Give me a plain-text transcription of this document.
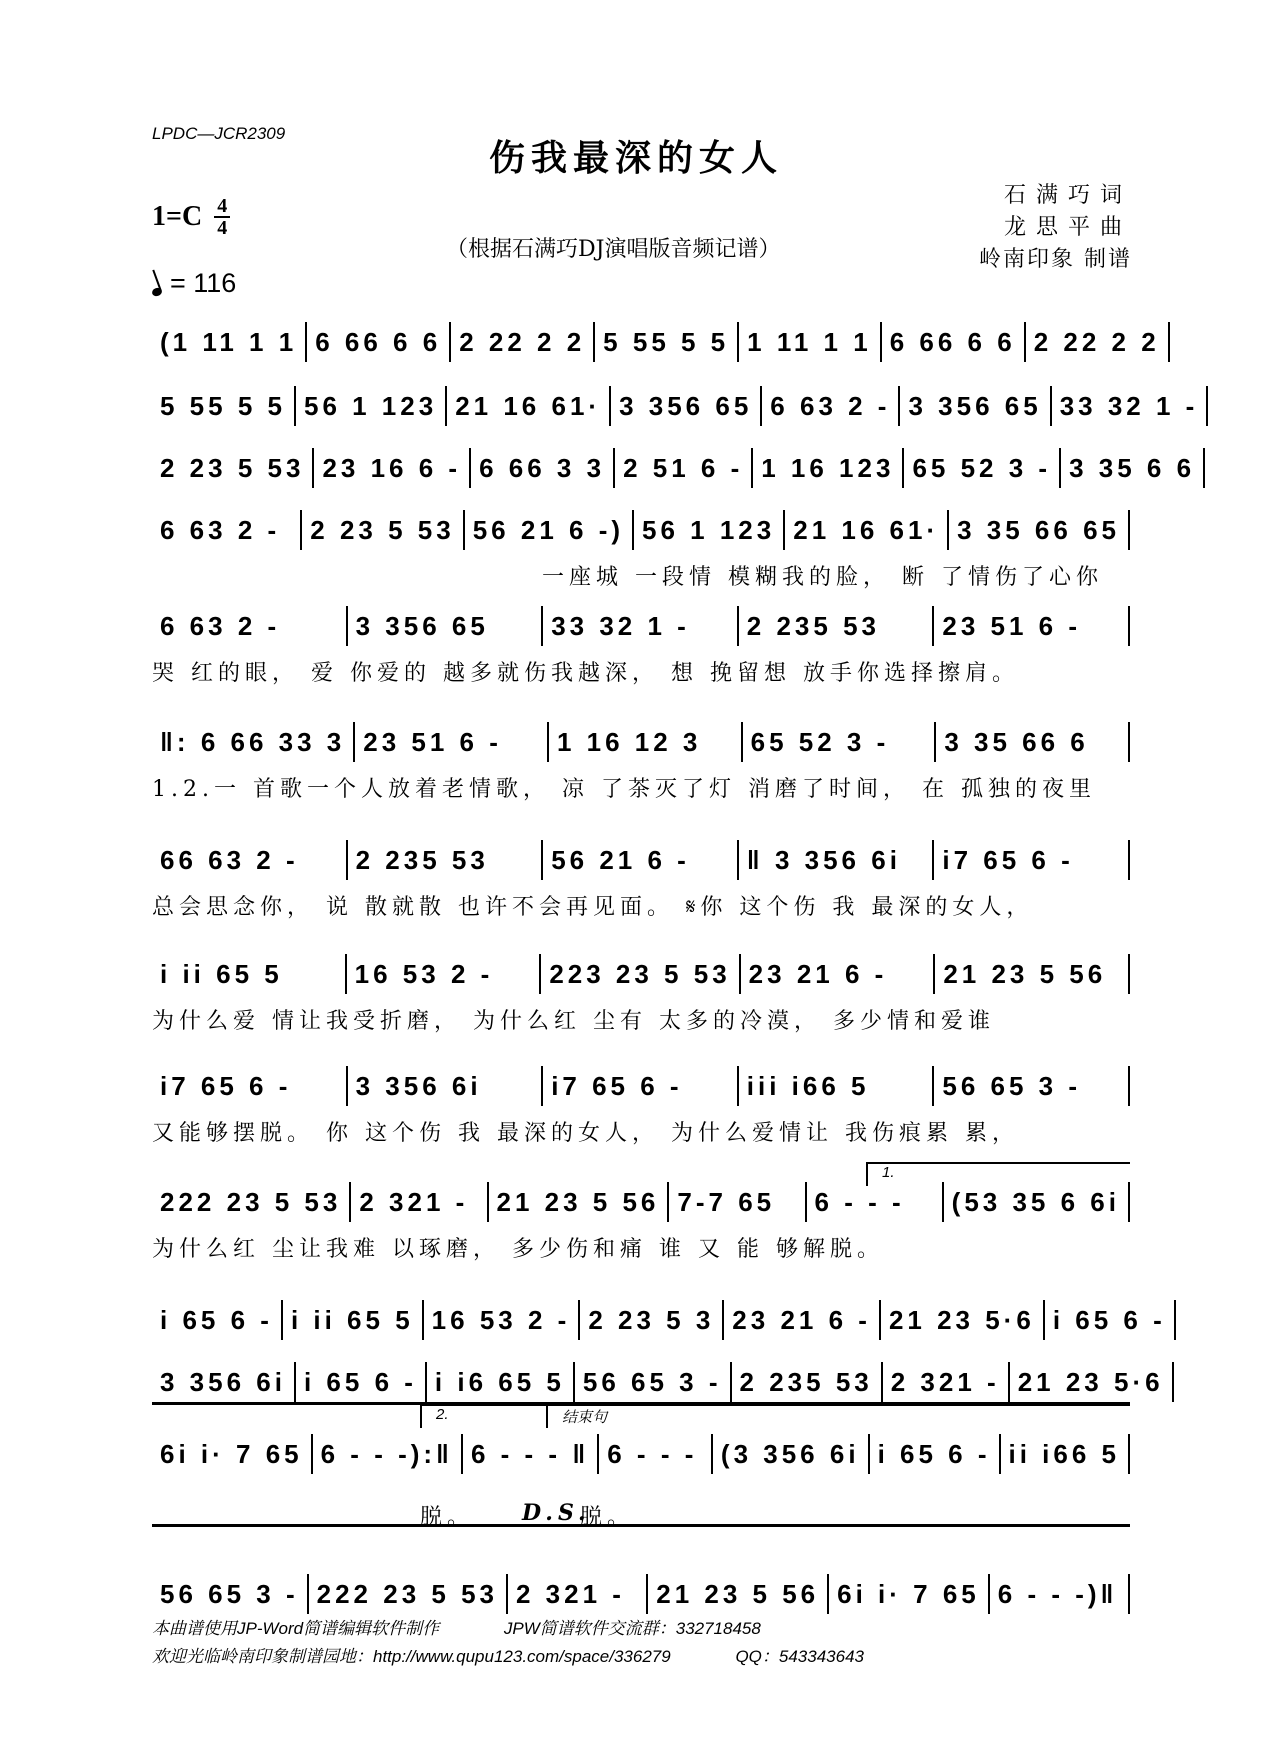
LPDC—JCR2309
伤我最深的女人
$1=C \frac{4}{4}$
（根据石满巧DJ演唱版音频记谱）
石满巧词
龙思平曲
岭南印象 制谱
= 116
(1 11 1 1 6 66 6 6 2 22 2 2 5 55 5 5 1 11 1 1 6 66 6 6 2 22 2 2
5 55 5 5 56 1 123 21 16 61· 3 356 65 6 63 2 - 3 356 65 33 32 1 -
2 23 5 53 23 16 6 - 6 66 3 3 2 51 6 - 1 16 123 65 52 3 - 3 35 6 6
6 63 2 - 2 23 5 53 56 21 6 -) 56 1 123 21 16 61· 3 35 66 65
一座城 一段情 模糊我的脸， 断 了情伤了心你
6 63 2 -	3 356 65 33 32 1 - 2 235 53 23 51 6 -
哭 红的眼， 爱 你爱的 越多就伤我越深， 想 挽留想 放手你选择擦肩。
‖: 6 66 33 3 23 51 6 - 1 16 12 3 65 52 3 - 3 35 66 6
1.2.一 首歌一个人放着老情歌， 凉 了茶灭了灯 消磨了时间， 在 孤独的夜里
66 63 2 - 2 235 53 56 21 6 - ‖ 3 356 6i i7 65 6 -
总会思念你， 说 散就散 也许不会再见面。 𝄋你 这个伤 我 最深的女人，
i ii 65 5	16 53 2 - 223 23 5 53 23 21 6 - 21 23 5 56
为什么爱 情让我受折磨， 为什么红 尘有 太多的冷漠， 多少情和爱谁
i7 65 6 - 3 356 6i	i7 65 6 - iii i66 5	56 65 3 -
又能够摆脱。 你 这个伤 我 最深的女人， 为什么爱情让 我伤痕累 累，
222 23 5 53 2 321 - 21 23 5 56 7-7 65 6 - - - (53 35 6 6i
为什么红 尘让我难 以琢磨， 多少伤和痛 谁 又 能 够解脱。
i 65 6 - i ii 65 5 16 53 2 - 2 23 5 3 23 21 6 - 21 23 5·6 i 65 6 -
3 356 6i i 65 6 - i i6 65 5 56 65 3 - 2 235 53 2 321 - 21 23 5·6
6i i· 7 65 6 - - -):‖ 6 - - - ‖ 6 - - - (3 356 6i i 65 6 - ii i66 5
56 65 3 - 222 23 5 53 2 321 - 21 23 5 56 6i i· 7 65 6 - - -)‖
1.
2.	结束句
脱。 D.S.
脱。
本曲谱使用JP-Word简谱编辑软件制作	JPW简谱软件交流群：332718458
欢迎光临岭南印象制谱园地：http://www.qupu123.com/space/336279	QQ：543343643
